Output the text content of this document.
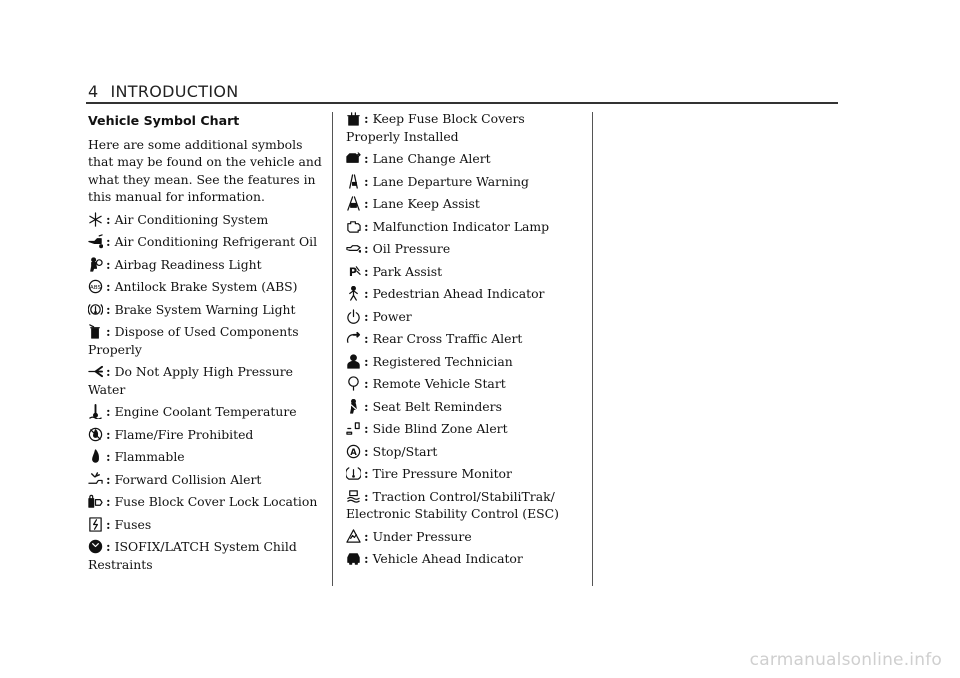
4 INTRODUCTION
Vehicle Symbol Chart
Here are some additional symbols that may be found on the vehicle and what they mean. See the features in this manual for information.
: Air Conditioning System
: Air Conditioning Refrigerant Oil
: Airbag Readiness Light
ABS : Antilock Brake System (ABS)
: Brake System Warning Light
: Dispose of Used Components Properly
: Do Not Apply High Pressure Water
: Engine Coolant Temperature
: Flame/Fire Prohibited
: Flammable
: Forward Collision Alert
: Fuse Block Cover Lock Location
: Fuses
: ISOFIX/LATCH System Child Restraints
: Keep Fuse Block Covers Properly Installed
: Lane Change Alert
: Lane Departure Warning
: Lane Keep Assist
: Malfunction Indicator Lamp
: Oil Pressure
P : Park Assist
: Pedestrian Ahead Indicator
: Power
: Rear Cross Traffic Alert
: Registered Technician
: Remote Vehicle Start
: Seat Belt Reminders
: Side Blind Zone Alert
A : Stop/Start
: Tire Pressure Monitor
: Traction Control/StabiliTrak/ Electronic Stability Control (ESC)
: Under Pressure
: Vehicle Ahead Indicator
carmanualsonline.info
